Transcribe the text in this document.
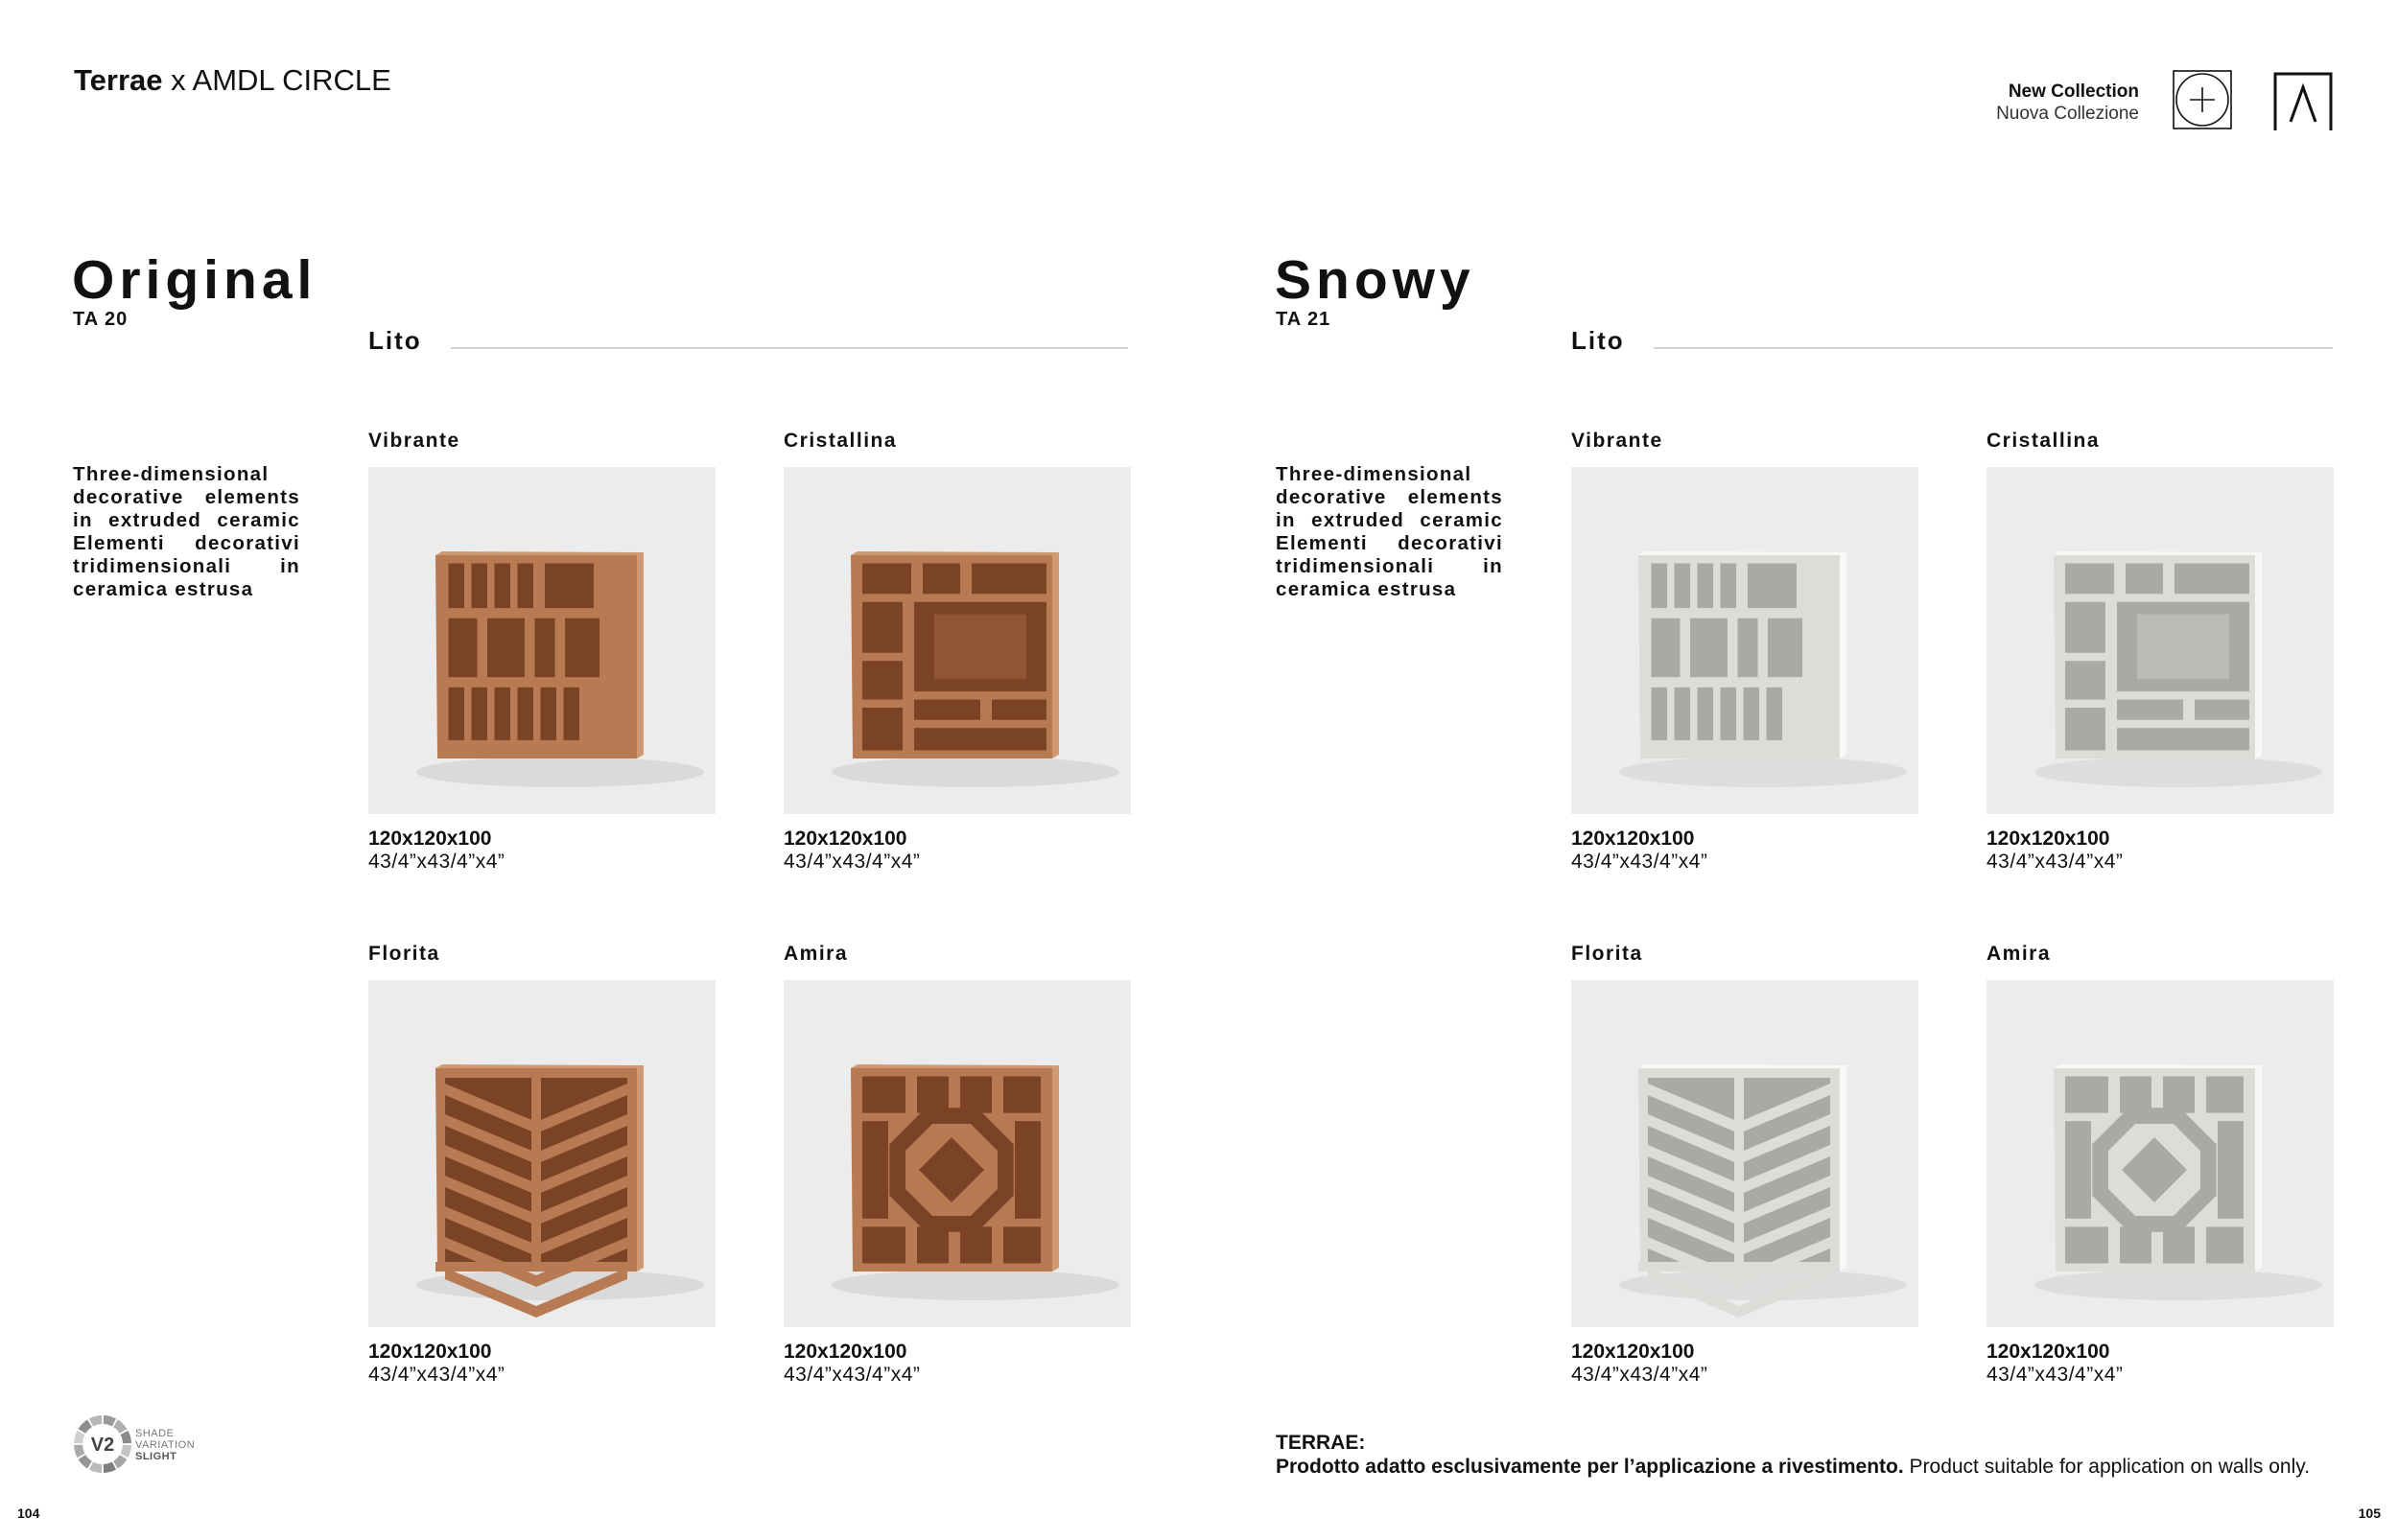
Terrae x AMDL CIRCLE	New Collection
Nuova Collezione
Original
TA 20
Lito
Three-dimensional decorative elements in extruded ceramic Elementi decorativi tridimensionali in ceramica estrusa
Vibrante
120x120x100
43/4”x43/4”x4”
Cristallina
120x120x100
43/4”x43/4”x4”
Florita
120x120x100
43/4”x43/4”x4”
Amira
120x120x100
43/4”x43/4”x4”
Snowy
TA 21
Lito
Three-dimensional decorative elements in extruded ceramic Elementi decorativi tridimensionali in ceramica estrusa
Vibrante
120x120x100
43/4”x43/4”x4”
Cristallina
120x120x100
43/4”x43/4”x4”
Florita
120x120x100
43/4”x43/4”x4”
Amira
120x120x100
43/4”x43/4”x4”
V2
SHADE
VARIATION
SLIGHT
104	105
TERRAE:
Prodotto adatto esclusivamente per l’applicazione a rivestimento. Product suitable for application on walls only.
